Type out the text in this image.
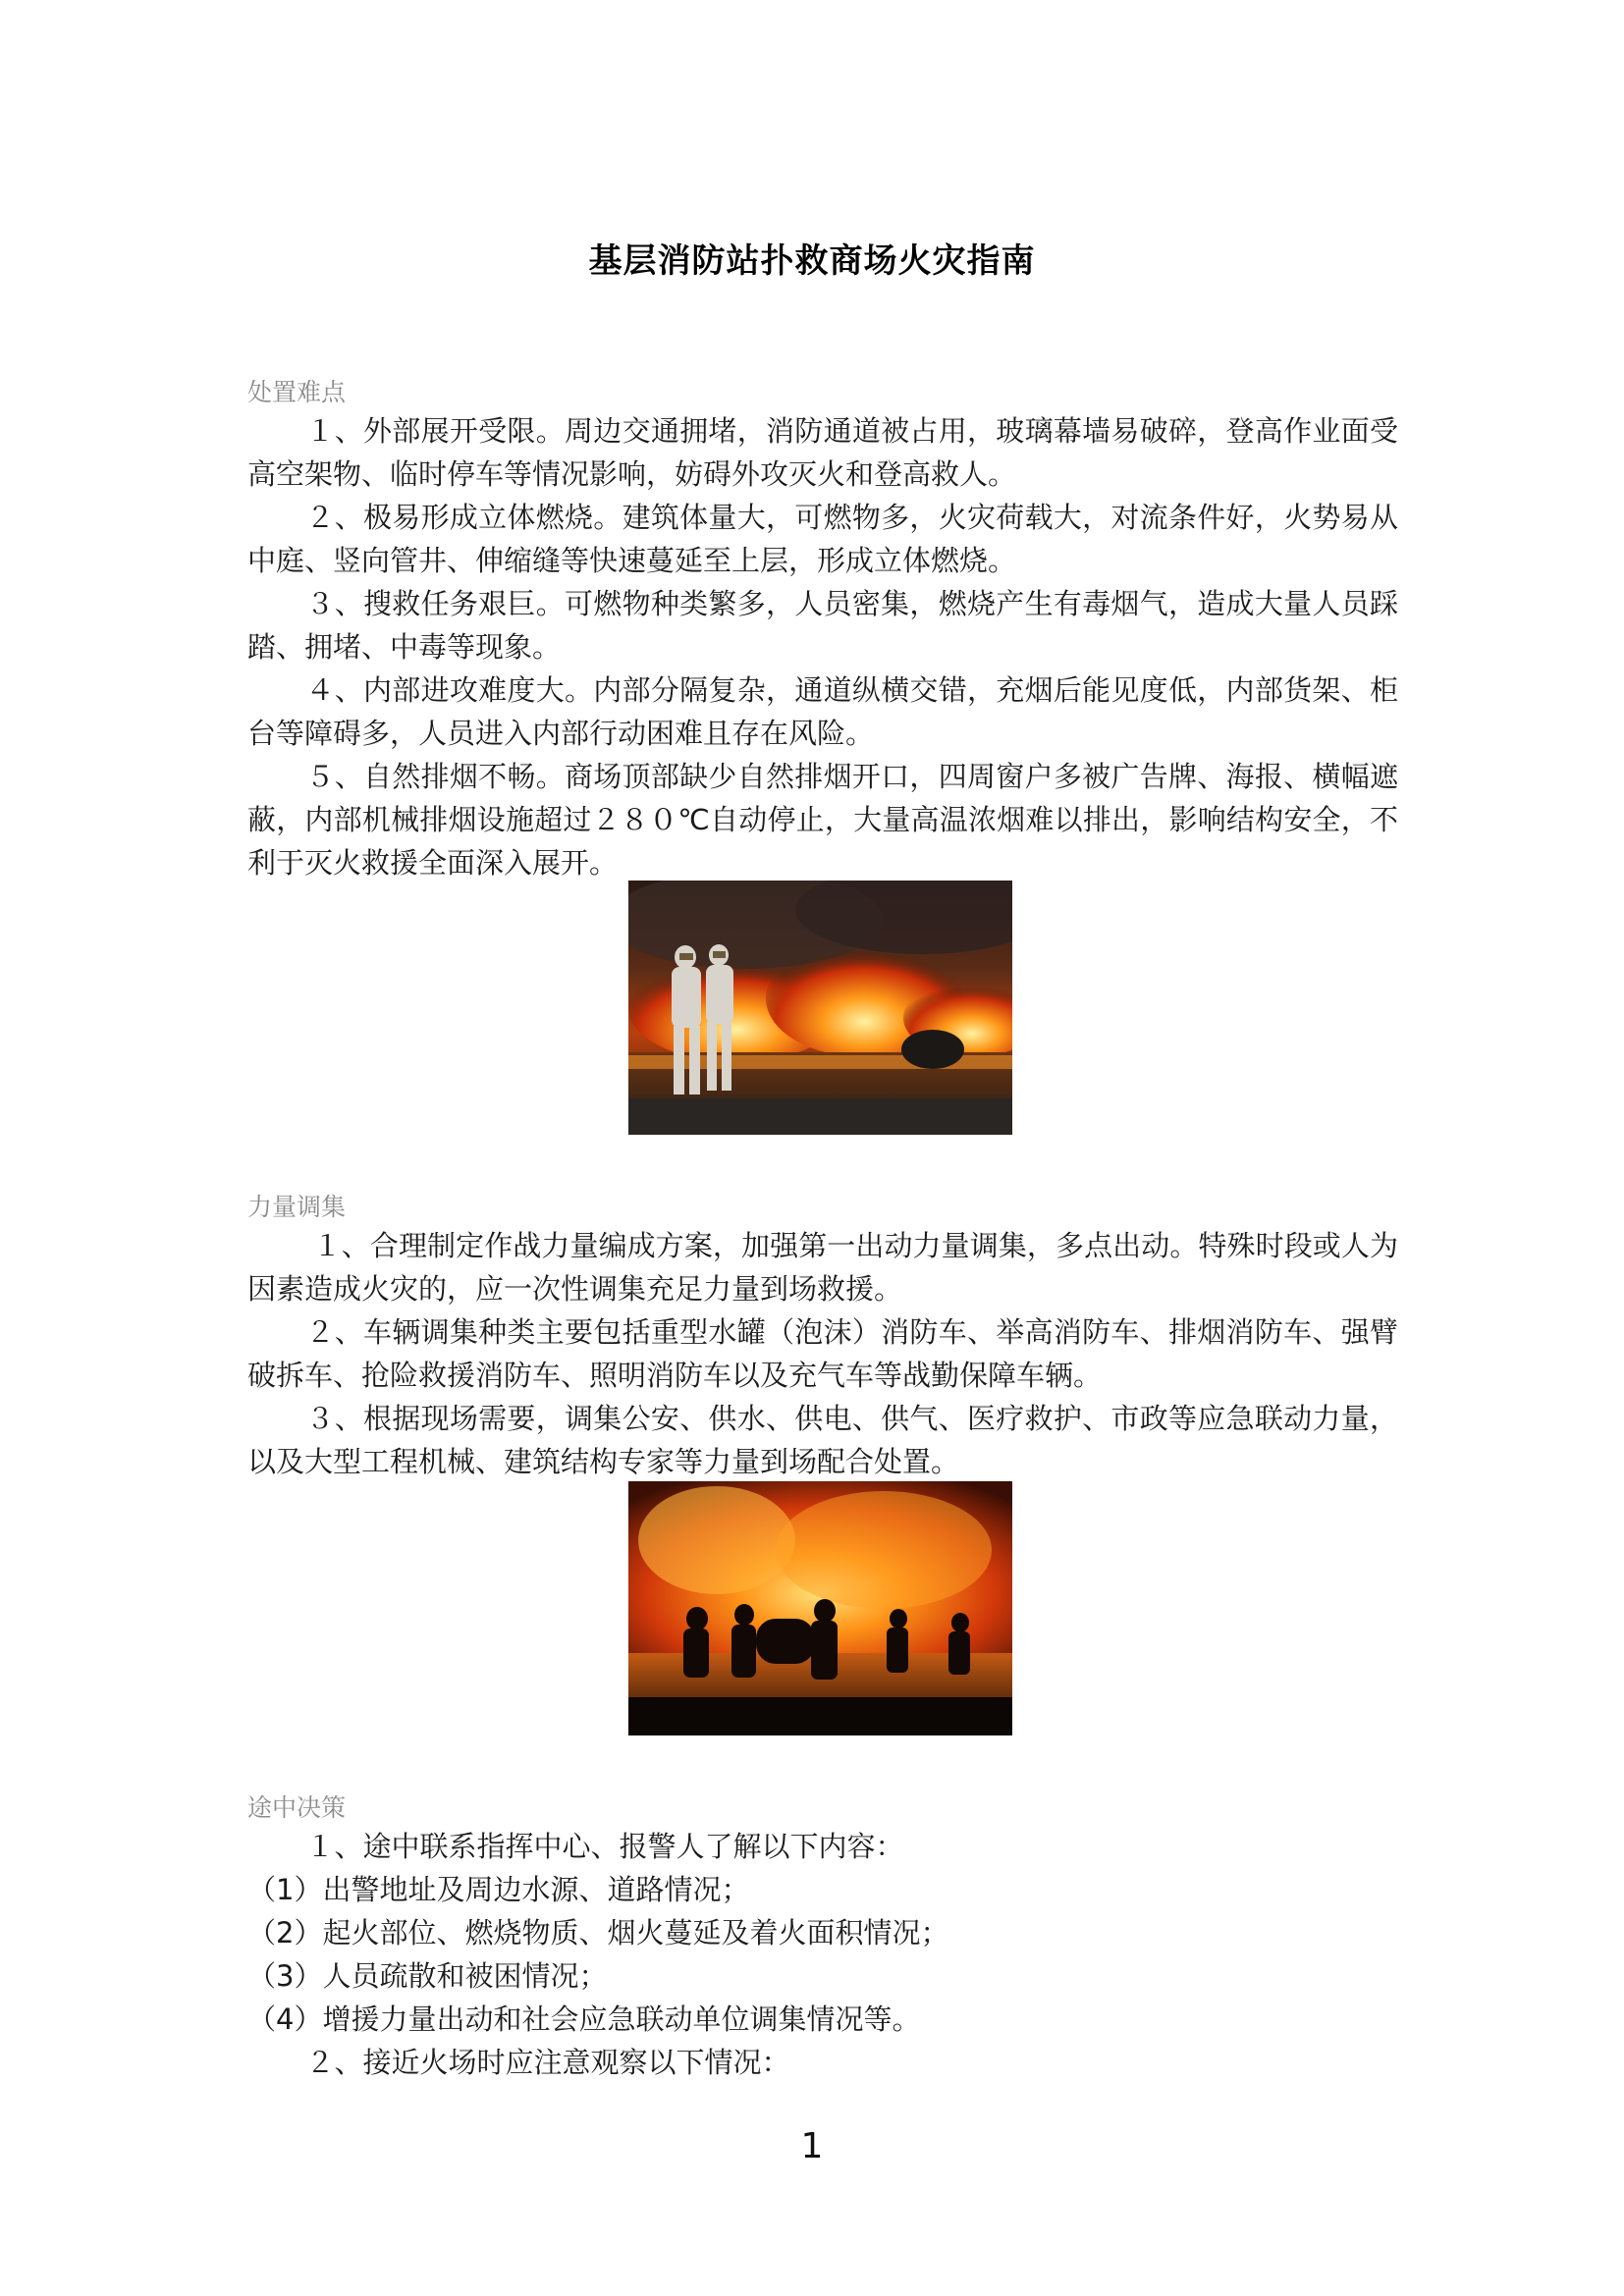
基层消防站扑救商场火灾指南
处置难点

１、外部展开受限。周边交通拥堵，消防通道被占用，玻璃幕墙易破碎，登高作业面受高空架物、临时停车等情况影响，妨碍外攻灭火和登高救人。

２、极易形成立体燃烧。建筑体量大，可燃物多，火灾荷载大，对流条件好，火势易从中庭、竖向管井、伸缩缝等快速蔓延至上层，形成立体燃烧。

３、搜救任务艰巨。可燃物种类繁多，人员密集，燃烧产生有毒烟气，造成大量人员踩踏、拥堵、中毒等现象。

４、内部进攻难度大。内部分隔复杂，通道纵横交错，充烟后能见度低，内部货架、柜台等障碍多，人员进入内部行动困难且存在风险。

５、自然排烟不畅。商场顶部缺少自然排烟开口，四周窗户多被广告牌、海报、横幅遮蔽，内部机械排烟设施超过２８０℃自动停止，大量高温浓烟难以排出，影响结构安全，不利于灭火救援全面深入展开。

力量调集

１、合理制定作战力量编成方案，加强第一出动力量调集，多点出动。特殊时段或人为因素造成火灾的，应一次性调集充足力量到场救援。

２、车辆调集种类主要包括重型水罐（泡沫）消防车、举高消防车、排烟消防车、强臂破拆车、抢险救援消防车、照明消防车以及充气车等战勤保障车辆。

３、根据现场需要，调集公安、供水、供电、供气、医疗救护、市政等应急联动力量，以及大型工程机械、建筑结构专家等力量到场配合处置。

途中决策

１、途中联系指挥中心、报警人了解以下内容：

（1）出警地址及周边水源、道路情况；

（2）起火部位、燃烧物质、烟火蔓延及着火面积情况；

（3）人员疏散和被困情况；

（4）增援力量出动和社会应急联动单位调集情况等。

２、接近火场时应注意观察以下情况：

1
